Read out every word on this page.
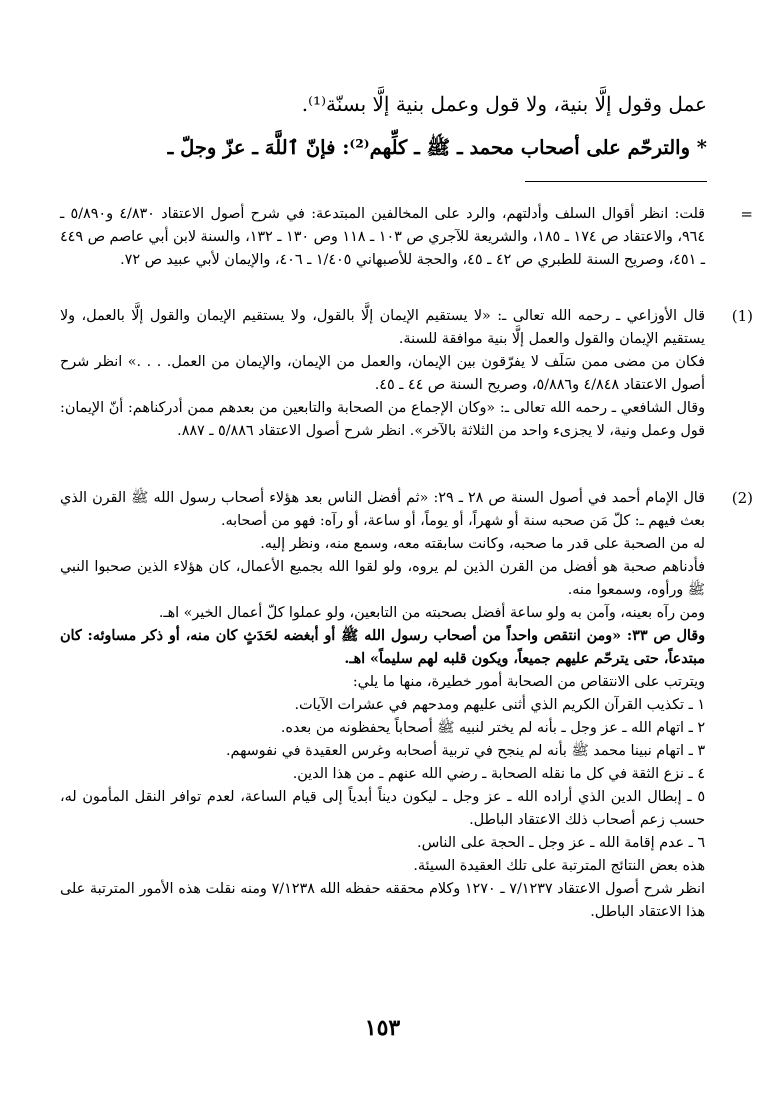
عمل وقول إلَّا بنية، ولا قول وعمل بنية إلَّا بسنّة⁽¹⁾.
* والترحّم على أصحاب محمد ـ ﷺ ـ كلِّهم⁽²⁾: فإنّ ٱللَّهَ ـ عزّ وجلّ ـ
=

قلت: انظر أقوال السلف وأدلتهم، والرد على المخالفين المبتدعة: في شرح أصول الاعتقاد ٤/٨٣٠ و٥/٨٩٠ ـ ٩٦٤، والاعتقاد ص ١٧٤ ـ ١٨٥، والشريعة للآجري ص ١٠٣ ـ ١١٨ وص ١٣٠ ـ ١٣٢، والسنة لابن أبي عاصم ص ٤٤٩ ـ ٤٥١، وصريح السنة للطبري ص ٤٢ ـ ٤٥، والحجة للأصبهاني ١/٤٠٥ ـ ٤٠٦، والإيمان لأبي عبيد ص ٧٢.

(1)

قال الأوزاعي ـ رحمه الله تعالى ـ: «لا يستقيم الإيمان إلَّا بالقول، ولا يستقيم الإيمان والقول إلَّا بالعمل، ولا يستقيم الإيمان والقول والعمل إلَّا بنية موافقة للسنة.

فكان من مضى ممن سَلَف لا يفرّقون بين الإيمان، والعمل من الإيمان، والإيمان من العمل. . . .» انظر شرح أصول الاعتقاد ٤/٨٤٨ و٥/٨٨٦، وصريح السنة ص ٤٤ ـ ٤٥.

وقال الشافعي ـ رحمه الله تعالى ـ: «وكان الإجماع من الصحابة والتابعين من بعدهم ممن أدركناهم: أنّ الإيمان: قول وعمل ونية، لا يجزىء واحد من الثلاثة بالآخر». انظر شرح أصول الاعتقاد ٥/٨٨٦ ـ ٨٨٧.

(2)

قال الإمام أحمد في أصول السنة ص ٢٨ ـ ٢٩: «ثم أفضل الناس بعد هؤلاء أصحاب رسول الله ﷺ القرن الذي بعث فيهم ـ: كلّ مَن صحبه سنة أو شهراً، أو يوماً، أو ساعة، أو رآه: فهو من أصحابه.

له من الصحبة على قدر ما صحبه، وكانت سابقته معه، وسمع منه، ونظر إليه.

فأدناهم صحبة هو أفضل من القرن الذين لم يروه، ولو لقوا الله بجميع الأعمال، كان هؤلاء الذين صحبوا النبي ﷺ ورأوه، وسمعوا منه.

ومن رآه بعينه، وآمن به ولو ساعة أفضل بصحبته من التابعين، ولو عملوا كلّ أعمال الخير» اهـ.

وقال ص ٣٣: «ومن انتقص واحداً من أصحاب رسول الله ﷺ أو أبغضه لحَدَثٍ كان منه، أو ذكر مساوئه: كان مبتدعاً، حتى يترحّم عليهم جميعاً، ويكون قلبه لهم سليماً» اهـ.

ويترتب على الانتقاص من الصحابة أمور خطيرة، منها ما يلي:

١ ـ تكذيب القرآن الكريم الذي أثنى عليهم ومدحهم في عشرات الآيات.

٢ ـ اتهام الله ـ عز وجل ـ بأنه لم يختر لنبيه ﷺ أصحاباً يحفظونه من بعده.

٣ ـ اتهام نبينا محمد ﷺ بأنه لم ينجح في تربية أصحابه وغرس العقيدة في نفوسهم.

٤ ـ نزع الثقة في كل ما نقله الصحابة ـ رضي الله عنهم ـ من هذا الدين.

٥ ـ إبطال الدين الذي أراده الله ـ عز وجل ـ ليكون ديناً أبدياً إلى قيام الساعة، لعدم توافر النقل المأمون له، حسب زعم أصحاب ذلك الاعتقاد الباطل.

٦ ـ عدم إقامة الله ـ عز وجل ـ الحجة على الناس.

هذه بعض النتائج المترتبة على تلك العقيدة السيئة.

انظر شرح أصول الاعتقاد ٧/١٢٣٧ ـ ١٢٧٠ وكلام محققه حفظه الله ٧/١٢٣٨ ومنه نقلت هذه الأمور المترتبة على هذا الاعتقاد الباطل.

١٥٣
